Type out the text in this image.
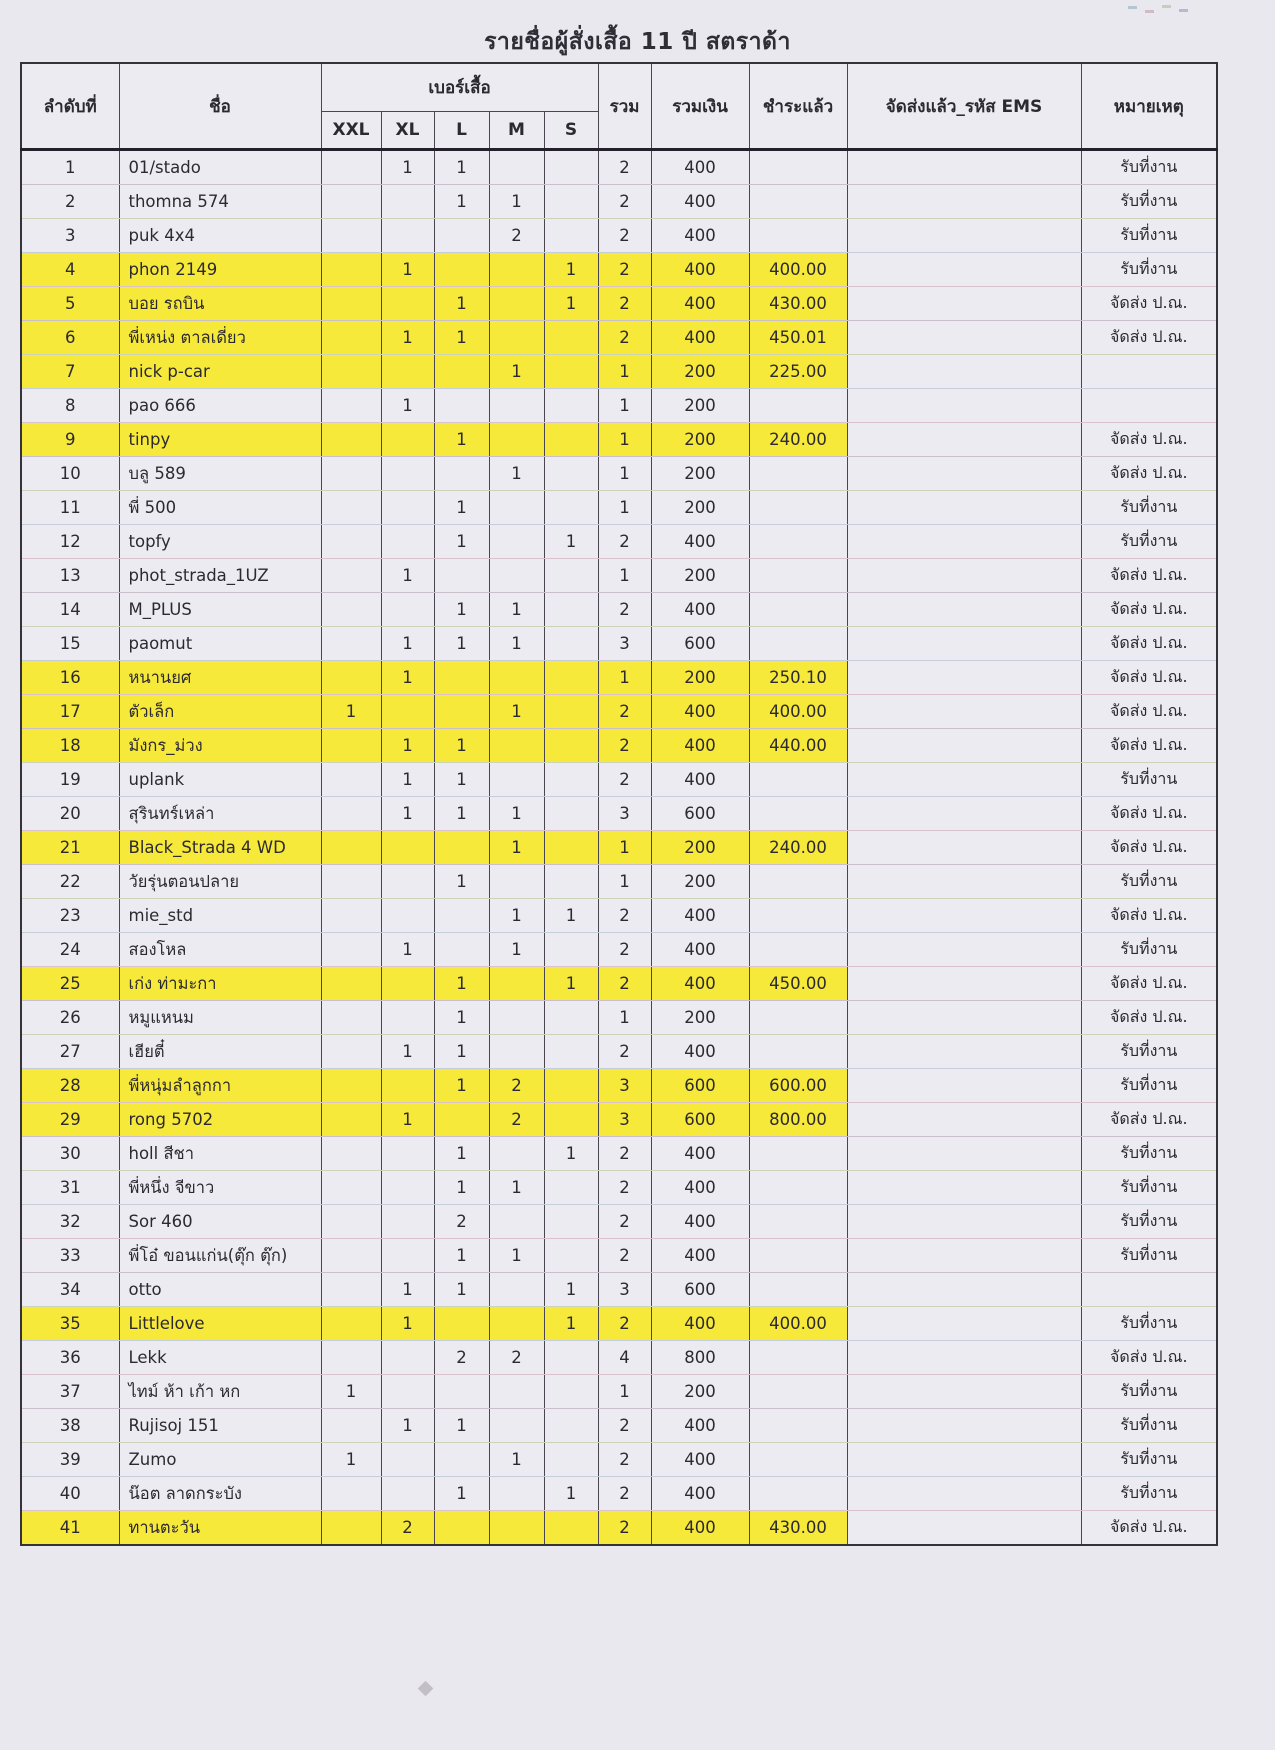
รายชื่อผู้สั่งเสื้อ 11 ปี สตราด้า
ลำดับที่	ชื่อ	เบอร์เสื้อ					รวม	รวมเงิน	ชำระแล้ว	จัดส่งแล้ว_รหัส EMS	หมายเหตุ
		XXL	XL	L	M	S					
1	01/stado		1	1			2	400			รับที่งาน
2	thomna 574			1	1		2	400			รับที่งาน
3	puk 4x4				2		2	400			รับที่งาน
4	phon 2149		1			1	2	400	400.00		รับที่งาน
5	บอย รถบิน			1		1	2	400	430.00		จัดส่ง ป.ณ.
6	พี่เหน่ง ตาลเดี่ยว		1	1			2	400	450.01		จัดส่ง ป.ณ.
7	nick p-car				1		1	200	225.00		
8	pao 666		1				1	200			
9	tinpy			1			1	200	240.00		จัดส่ง ป.ณ.
10	บลู 589				1		1	200			จัดส่ง ป.ณ.
11	พี่ 500			1			1	200			รับที่งาน
12	topfy			1		1	2	400			รับที่งาน
13	phot_strada_1UZ		1				1	200			จัดส่ง ป.ณ.
14	M_PLUS			1	1		2	400			จัดส่ง ป.ณ.
15	paomut		1	1	1		3	600			จัดส่ง ป.ณ.
16	หนานยศ		1				1	200	250.10		จัดส่ง ป.ณ.
17	ตัวเล็ก	1			1		2	400	400.00		จัดส่ง ป.ณ.
18	มังกร_ม่วง		1	1			2	400	440.00		จัดส่ง ป.ณ.
19	uplank		1	1			2	400			รับที่งาน
20	สุรินทร์เหล่า		1	1	1		3	600			จัดส่ง ป.ณ.
21	Black_Strada 4 WD				1		1	200	240.00		จัดส่ง ป.ณ.
22	วัยรุ่นตอนปลาย			1			1	200			รับที่งาน
23	mie_std				1	1	2	400			จัดส่ง ป.ณ.
24	สองโหล		1		1		2	400			รับที่งาน
25	เก่ง ท่ามะกา			1		1	2	400	450.00		จัดส่ง ป.ณ.
26	หมูแหนม			1			1	200			จัดส่ง ป.ณ.
27	เฮียตี๋		1	1			2	400			รับที่งาน
28	พี่หนุ่มลำลูกกา			1	2		3	600	600.00		รับที่งาน
29	rong 5702		1		2		3	600	800.00		จัดส่ง ป.ณ.
30	holl สีชา			1		1	2	400			รับที่งาน
31	พี่หนึ่ง จีขาว			1	1		2	400			รับที่งาน
32	Sor 460			2			2	400			รับที่งาน
33	พี่โอ๋ ขอนแก่น(ตุ๊ก ตุ๊ก)			1	1		2	400			รับที่งาน
34	otto		1	1		1	3	600			
35	Littlelove		1			1	2	400	400.00		รับที่งาน
36	Lekk			2	2		4	800			จัดส่ง ป.ณ.
37	ไทม์ ห้า เก้า หก	1					1	200			รับที่งาน
38	Rujisoj 151		1	1			2	400			รับที่งาน
39	Zumo	1			1		2	400			รับที่งาน
40	น๊อต ลาดกระบัง			1		1	2	400			รับที่งาน
41	ทานตะวัน		2				2	400	430.00		จัดส่ง ป.ณ.
